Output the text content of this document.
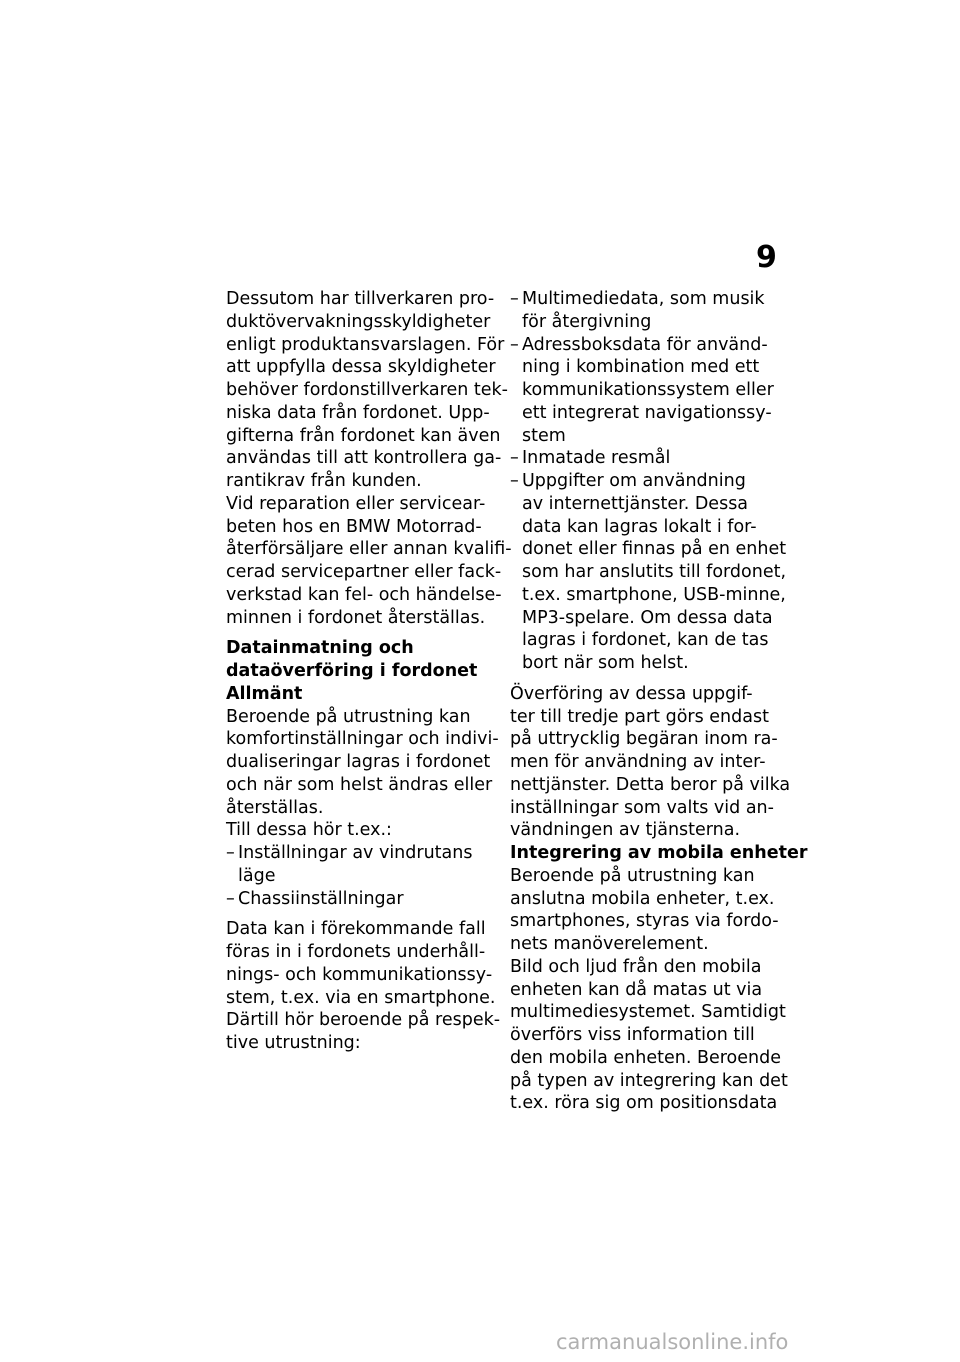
9
Dessutom har tillverkaren pro-
duktövervakningsskyldigheter
enligt produktansvarslagen. För
att uppfylla dessa skyldigheter
behöver fordonstillverkaren tek-
niska data från fordonet. Upp-
gifterna från fordonet kan även
användas till att kontrollera ga-
rantikrav från kunden.
Vid reparation eller servicear-
beten hos en BMW Motorrad-
återförsäljare eller annan kvalifi-
cerad servicepartner eller fack-
verkstad kan fel- och händelse-
minnen i fordonet återställas.
Datainmatning och
dataöverföring i fordonet
Allmänt
Beroende på utrustning kan
komfortinställningar och indivi-
dualiseringar lagras i fordonet
och när som helst ändras eller
återställas.
Till dessa hör t.ex.:
– Inställningar av vindrutans
läge
– Chassiinställningar
Data kan i förekommande fall
föras in i fordonets underhåll-
nings- och kommunikationssy-
stem, t.ex. via en smartphone.
Därtill hör beroende på respek-
tive utrustning:
– Multimediedata, som musik
för återgivning
– Adressboksdata för använd-
ning i kombination med ett
kommunikationssystem eller
ett integrerat navigationssy-
stem
– Inmatade resmål
– Uppgifter om användning
av internettjänster. Dessa
data kan lagras lokalt i for-
donet eller finnas på en enhet
som har anslutits till fordonet,
t.ex. smartphone, USB-minne,
MP3-spelare. Om dessa data
lagras i fordonet, kan de tas
bort när som helst.
Överföring av dessa uppgif-
ter till tredje part görs endast
på uttrycklig begäran inom ra-
men för användning av inter-
nettjänster. Detta beror på vilka
inställningar som valts vid an-
vändningen av tjänsterna.
Integrering av mobila enheter
Beroende på utrustning kan
anslutna mobila enheter, t.ex.
smartphones, styras via fordo-
nets manöverelement.
Bild och ljud från den mobila
enheten kan då matas ut via
multimediesystemet. Samtidigt
överförs viss information till
den mobila enheten. Beroende
på typen av integrering kan det
t.ex. röra sig om positionsdata
carmanualsonline.info
